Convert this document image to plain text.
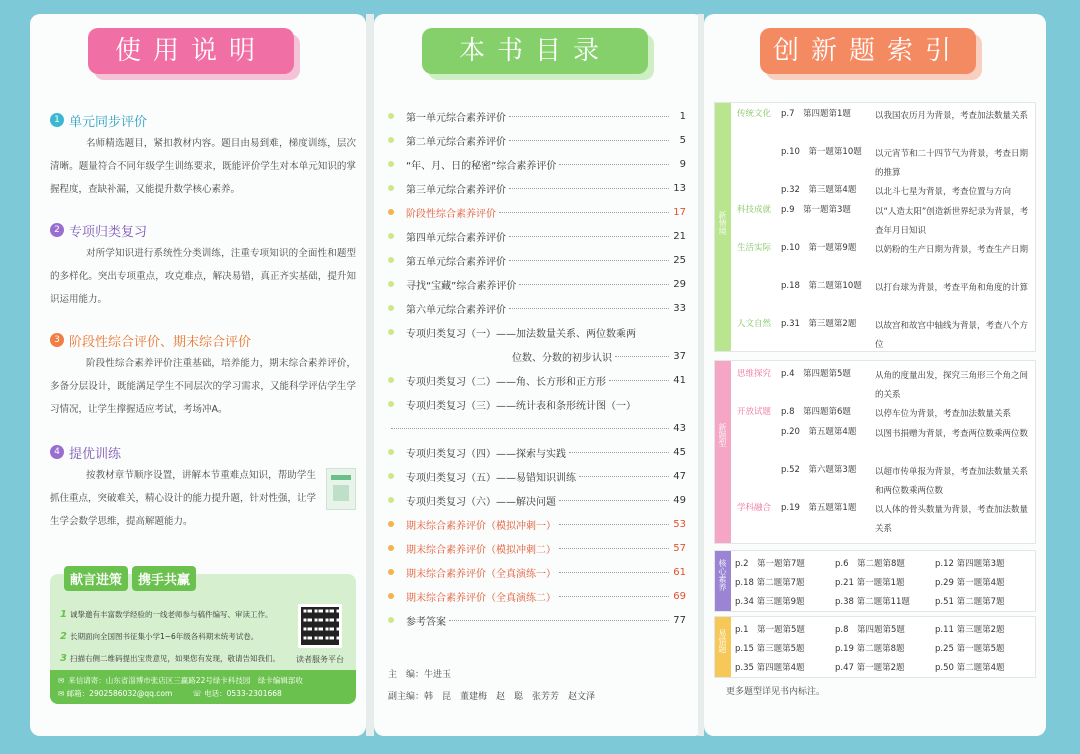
使用说明
1 单元同步评价
名师精选题目，紧扣教材内容。题目由易到难，梯度训练，层次清晰。题量符合不同年级学生训练要求，既能评价学生对本单元知识的掌握程度，查缺补漏，又能提升数学核心素养。
2 专项归类复习
对所学知识进行系统性分类训练，注重专项知识的全面性和题型的多样化。突出专项重点，攻克难点，解决易错，真正齐实基础，提升知识运用能力。
3 阶段性综合评价、期末综合评价
阶段性综合素养评价注重基础，培养能力，期末综合素养评价，多备分层设计，既能满足学生不同层次的学习需求，又能科学评估学生学习情况，让学生撑握适应考试，考场冲A。
4 提优训练
按教材章节顺序设置，讲解本节重难点知识，帮助学生抓住重点，突破难关，精心设计的能力提升题，针对性强，让学生学会数学思维，提高解题能力。
献言进策	携手共赢
1 诚挚邀有丰富数学经验的一线老师参与稿件编写、审读工作。
2 长期面向全国图书征集小学1~6年级各科期末统考试卷。
3 扫描右侧二维码提出宝贵意见，如果您有发现，敬请告知我们。	读者服务平台
✉ 来信请寄：山东省淄博市张店区三赢路22号绿卡科技园　绿卡编辑部收
✉ 邮箱：2902586032@qq.com	☏ 电话：0533-2301668
本书目录
第一单元综合素养评价	1
第二单元综合素养评价	5
“年、月、日的秘密”综合素养评价	9
第三单元综合素养评价	13
阶段性综合素养评价	17
第四单元综合素养评价	21
第五单元综合素养评价	25
寻找“宝藏”综合素养评价	29
第六单元综合素养评价	33
专项归类复习（一）——加法数量关系、两位数乘两
位数、分数的初步认识	37
专项归类复习（二）——角、长方形和正方形	41
专项归类复习（三）——统计表和条形统计图（一）
43
专项归类复习（四）——探索与实践	45
专项归类复习（五）——易错知识训练	47
专项归类复习（六）——解决问题	49
期末综合素养评价（模拟冲刺一）	53
期末综合素养评价（模拟冲刺二）	57
期末综合素养评价（全真演练一）	61
期末综合素养评价（全真演练二）	69
参考答案	77
主　编：牛进玉
副主编：韩　昆　董建梅　赵　聪　张芳芳　赵文泽
创新题索引
新情境
传统文化 p.7　第四题第1题	以我国农历月为背景，考查加法数量关系
p.10　第一题第10题	以元宵节和二十四节气为背景，考查日期的推算
p.32　第三题第4题	以北斗七星为背景，考查位置与方向
科技成就 p.9　第一题第3题	以“人造太阳”创造新世界纪录为背景，考查年月日知识
生活实际 p.10　第一题第9题	以奶粉的生产日期为背景，考查生产日期
p.18　第二题第10题	以打台球为背景，考查平角和角度的计算
人文自然 p.31　第三题第2题	以故宫和故宫中轴线为背景，考查八个方位
新题型
思维探究 p.4　第四题第5题	从角的度量出发，探究三角形三个角之间的关系
开放试题 p.8　第四题第6题	以停车位为背景，考查加法数量关系
p.20　第五题第4题	以图书捐赠为背景，考查两位数乘两位数
p.52　第六题第3题	以超市传单报为背景，考查加法数量关系和两位数乘两位数
学科融合 p.19　第五题第1题	以人体的骨头数量为背景，考查加法数量关系
核心素养 p.2　第一题第7题	p.6　第二题第8题	p.12 第四题第3题
p.18 第二题第7题	p.21 第一题第1题	p.29 第一题第4题
p.34 第三题第9题	p.38 第二题第11题	p.51 第二题第7题
易错题 p.1　第一题第5题	p.8　第四题第5题	p.11 第三题第2题
p.15 第三题第5题	p.19 第二题第8题	p.25 第一题第5题
p.35 第四题第4题	p.47 第一题第2题	p.50 第二题第4题
更多题型详见书内标注。
